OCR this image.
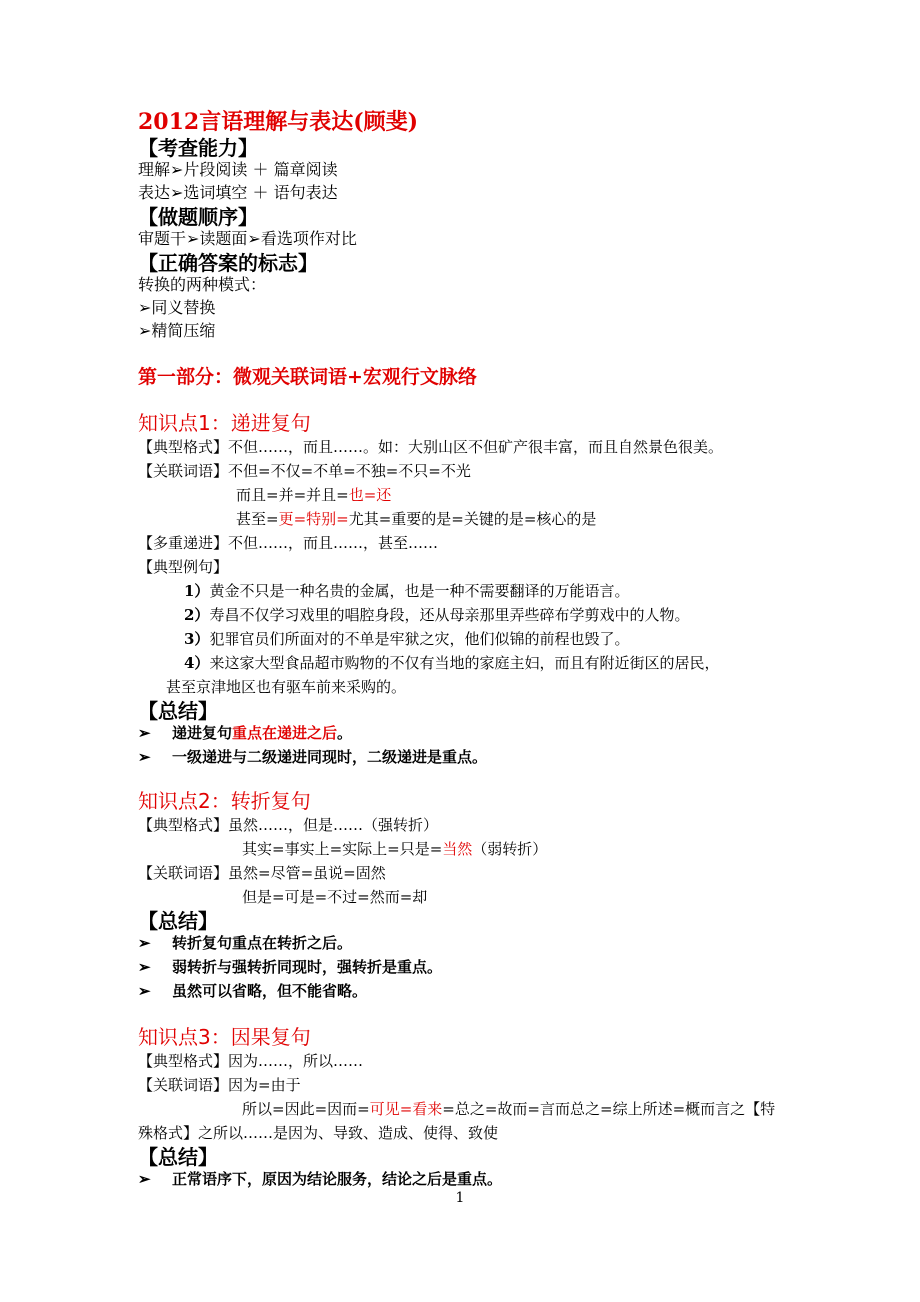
2012言语理解与表达(顾斐)
【考查能力】
理解➢片段阅读 ＋ 篇章阅读
表达➢选词填空 ＋ 语句表达
【做题顺序】
审题干➢读题面➢看选项作对比
【正确答案的标志】
转换的两种模式：
➢同义替换
➢精简压缩
第一部分：微观关联词语+宏观行文脉络
知识点1：递进复句
【典型格式】不但……，而且……。如：大别山区不但矿产很丰富，而且自然景色很美。
【关联词语】不但=不仅=不单=不独=不只=不光
而且=并=并且=也=还
甚至=更=特别=尤其=重要的是=关键的是=核心的是
【多重递进】不但……，而且……，甚至……
【典型例句】
1）黄金不只是一种名贵的金属，也是一种不需要翻译的万能语言。
2）寿昌不仅学习戏里的唱腔身段，还从母亲那里弄些碎布学剪戏中的人物。
3）犯罪官员们所面对的不单是牢狱之灾，他们似锦的前程也毁了。
4）来这家大型食品超市购物的不仅有当地的家庭主妇，而且有附近街区的居民，
甚至京津地区也有驱车前来采购的。
【总结】
➢ 递进复句重点在递进之后。
➢ 一级递进与二级递进同现时，二级递进是重点。
知识点2：转折复句
【典型格式】虽然……，但是……（强转折）
其实=事实上=实际上=只是=当然（弱转折）
【关联词语】虽然=尽管=虽说=固然
但是=可是=不过=然而=却
【总结】
➢ 转折复句重点在转折之后。
➢ 弱转折与强转折同现时，强转折是重点。
➢ 虽然可以省略，但不能省略。
知识点3：因果复句
【典型格式】因为……，所以……
【关联词语】因为=由于
所以=因此=因而=可见=看来=总之=故而=言而总之=综上所述=概而言之【特
殊格式】之所以……是因为、导致、造成、使得、致使
【总结】
➢ 正常语序下，原因为结论服务，结论之后是重点。
1
